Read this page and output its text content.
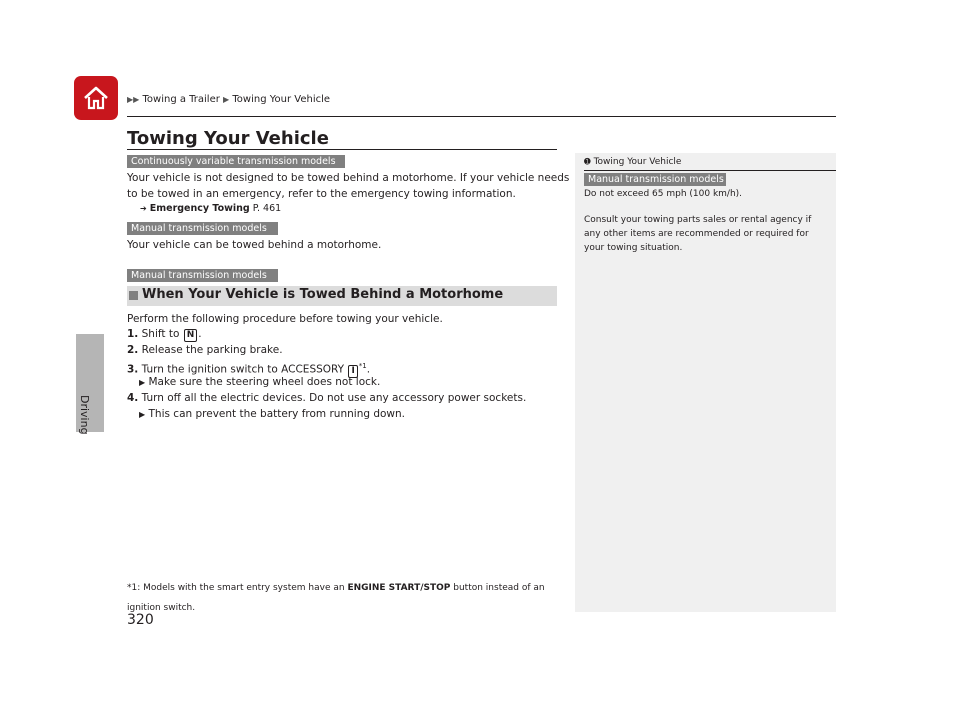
▶▶ Towing a Trailer ▶ Towing Your Vehicle
Driving
Towing Your Vehicle
Continuously variable transmission models
Your vehicle is not designed to be towed behind a motorhome. If your vehicle needs
to be towed in an emergency, refer to the emergency towing information.
➔ Emergency Towing P. 461
Manual transmission models
Your vehicle can be towed behind a motorhome.
Manual transmission models
When Your Vehicle is Towed Behind a Motorhome
Perform the following procedure before towing your vehicle.
1. Shift to N .
2. Release the parking brake.
3. Turn the ignition switch to ACCESSORY I $^{*1}$.
▶ Make sure the steering wheel does not lock.
4. Turn off all the electric devices. Do not use any accessory power sockets.
▶ This can prevent the battery from running down.
*1: Models with the smart entry system have an ENGINE START/STOP button instead of an
ignition switch.
➊ Towing Your Vehicle
Manual transmission models
Do not exceed 65 mph (100 km/h).
Consult your towing parts sales or rental agency if
any other items are recommended or required for
your towing situation.
320
